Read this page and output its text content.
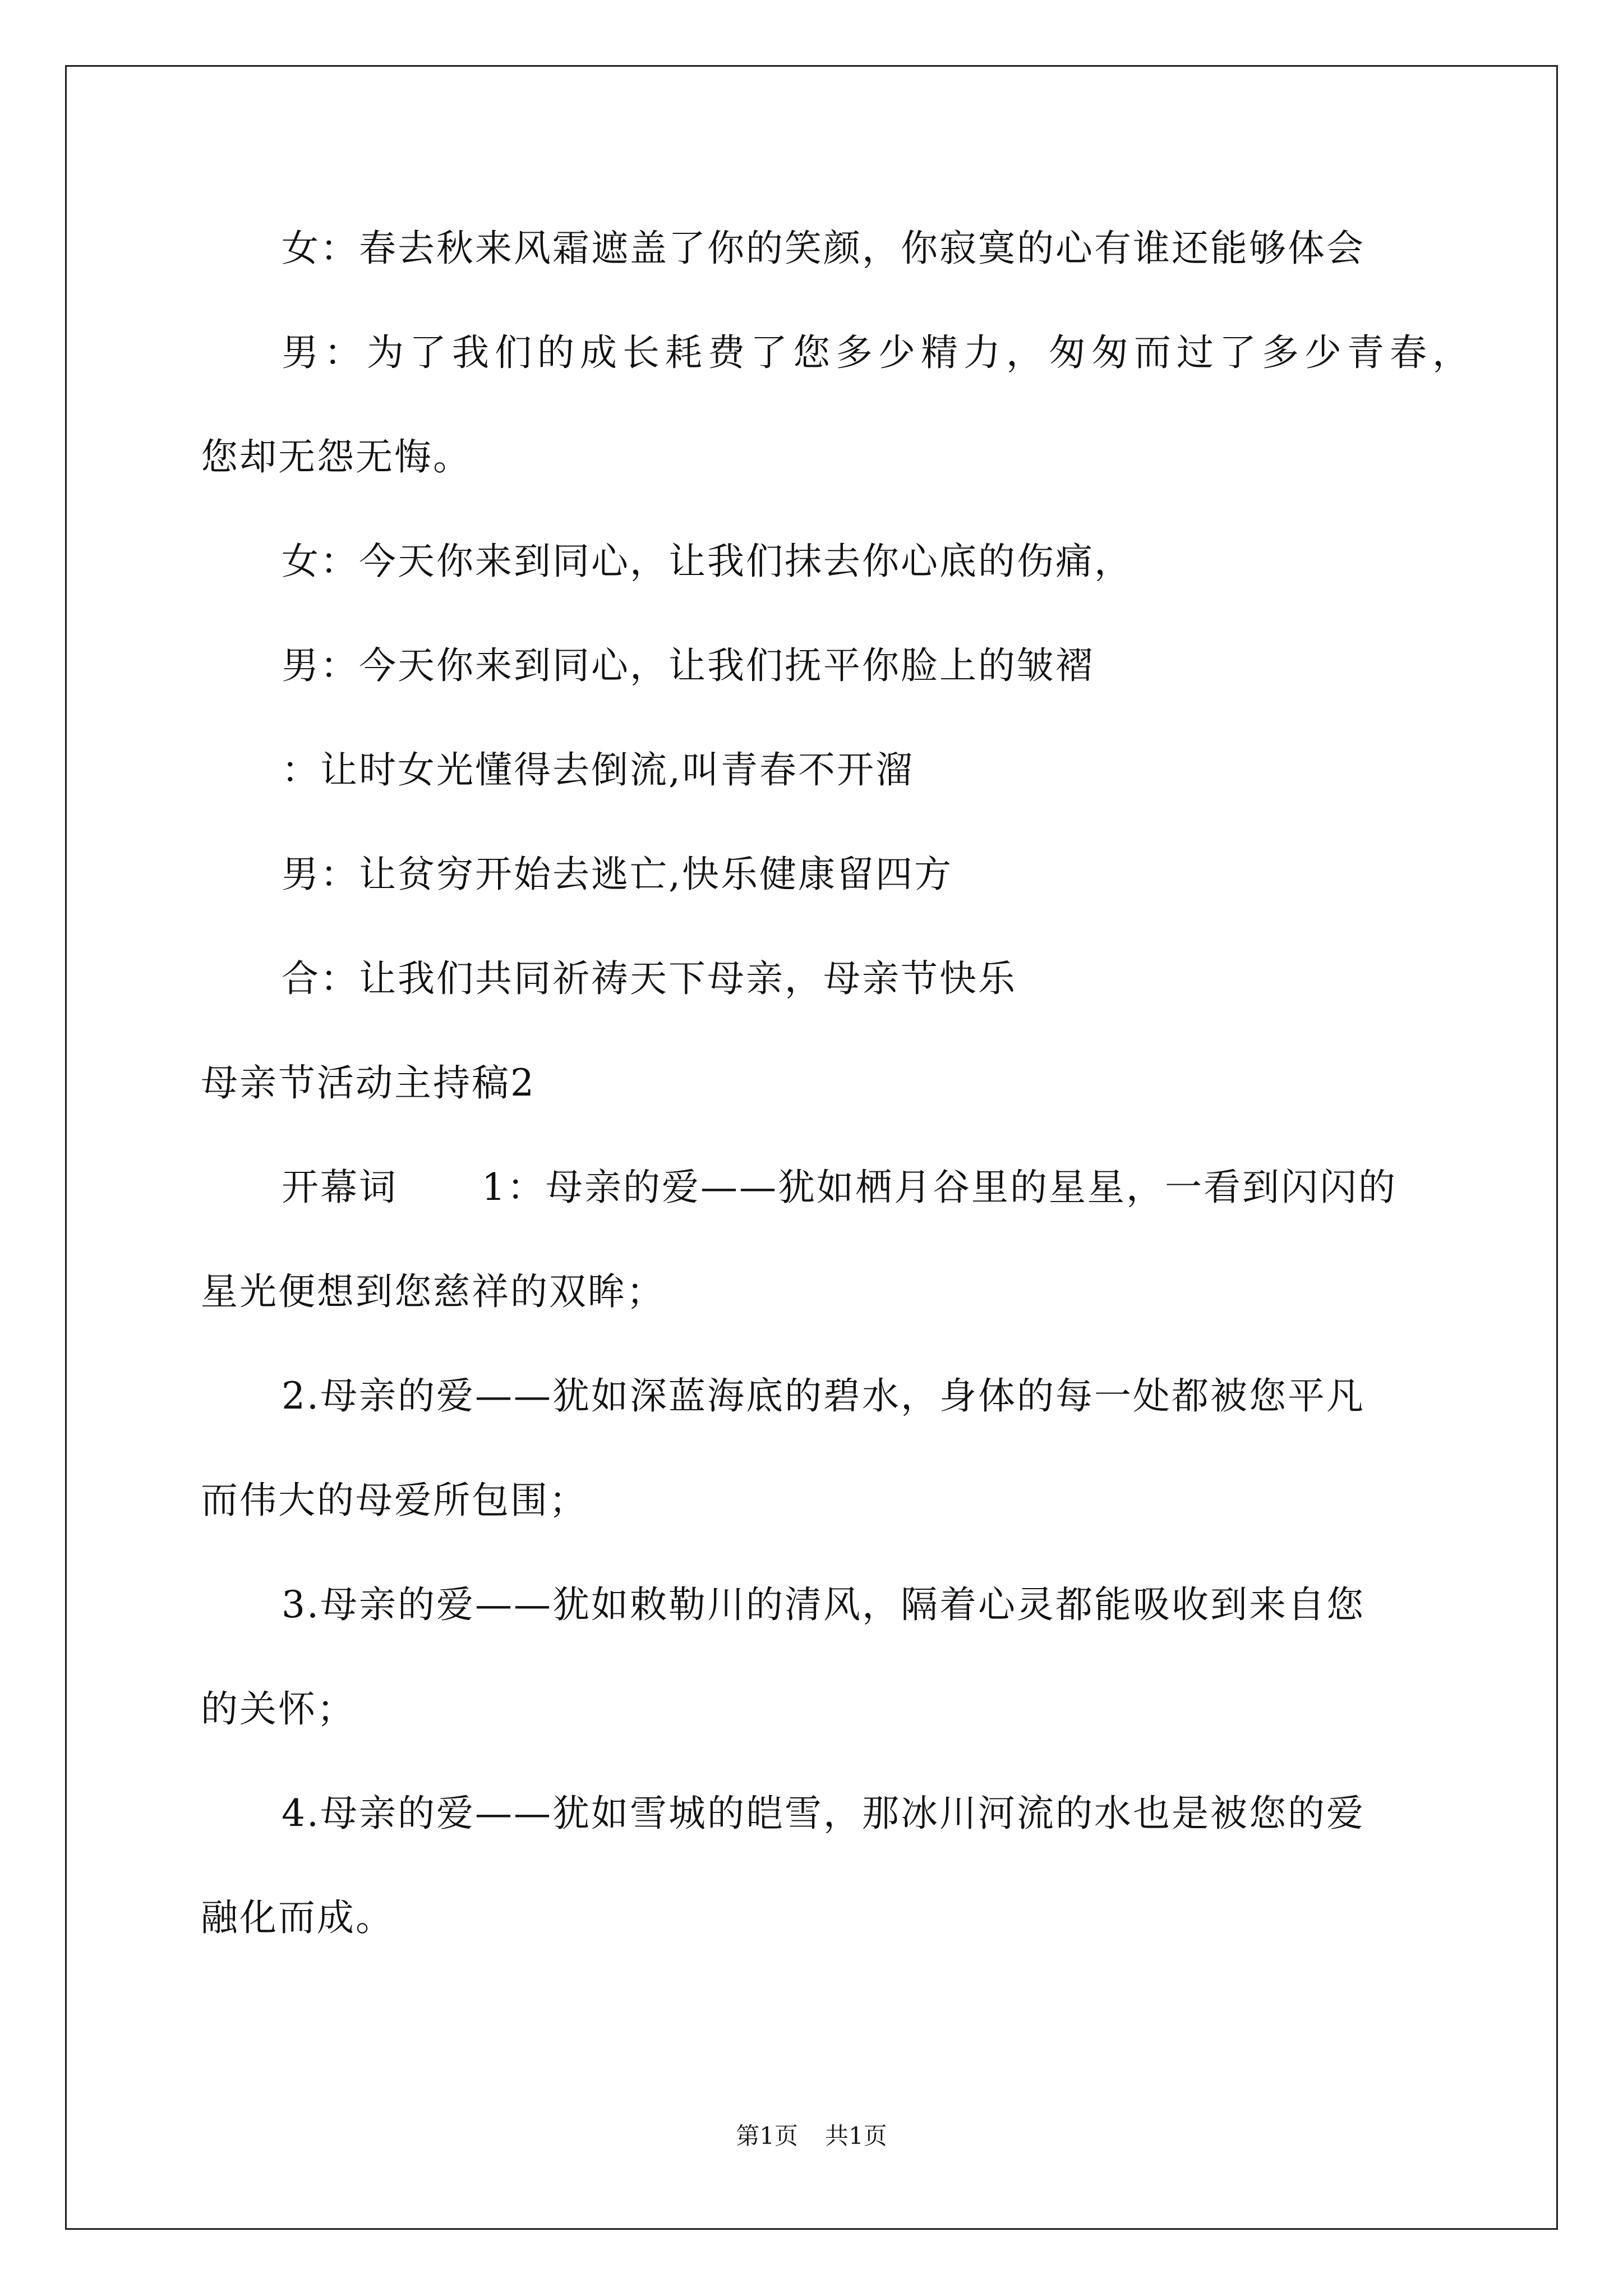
女：春去秋来风霜遮盖了你的笑颜，你寂寞的心有谁还能够体会
男：为了我们的成长耗费了您多少精力，匆匆而过了多少青春，
您却无怨无悔。
女：今天你来到同心，让我们抹去你心底的伤痛，
男：今天你来到同心，让我们抚平你脸上的皱褶
：让时女光懂得去倒流,叫青春不开溜
男：让贫穷开始去逃亡,快乐健康留四方
合：让我们共同祈祷天下母亲，母亲节快乐
母亲节活动主持稿2
开幕词 1：母亲的爱——犹如栖月谷里的星星，一看到闪闪的
星光便想到您慈祥的双眸；
2.母亲的爱——犹如深蓝海底的碧水，身体的每一处都被您平凡
而伟大的母爱所包围；
3.母亲的爱——犹如敕勒川的清风，隔着心灵都能吸收到来自您
的关怀；
4.母亲的爱——犹如雪城的皑雪，那冰川河流的水也是被您的爱
融化而成。
第1页 共1页
